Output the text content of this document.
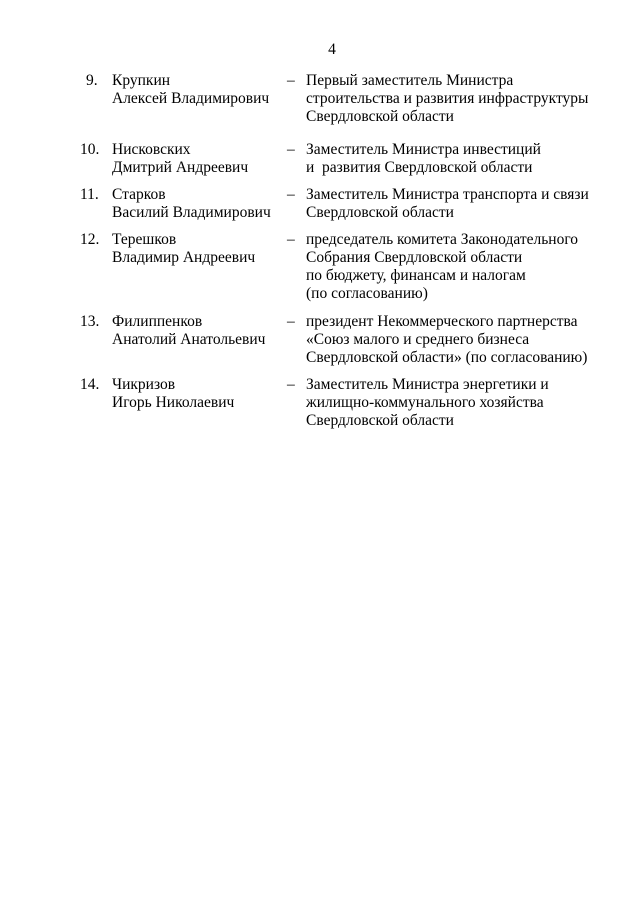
4
9. Крупкин
Алексей Владимирович
– Первый заместитель Министра
строительства и развития инфраструктуры
Свердловской области
10. Нисковских
Дмитрий Андреевич
– Заместитель Министра инвестиций
и  развития Свердловской области
11. Старков
Василий Владимирович
– Заместитель Министра транспорта и связи
Свердловской области
12. Терешков
Владимир Андреевич
– председатель комитета Законодательного
Собрания Свердловской области
по бюджету, финансам и налогам
(по согласованию)
13. Филиппенков
Анатолий Анатольевич
– президент Некоммерческого партнерства
«Союз малого и среднего бизнеса
Свердловской области» (по согласованию)
14. Чикризов
Игорь Николаевич
– Заместитель Министра энергетики и
жилищно-коммунального хозяйства
Свердловской области
